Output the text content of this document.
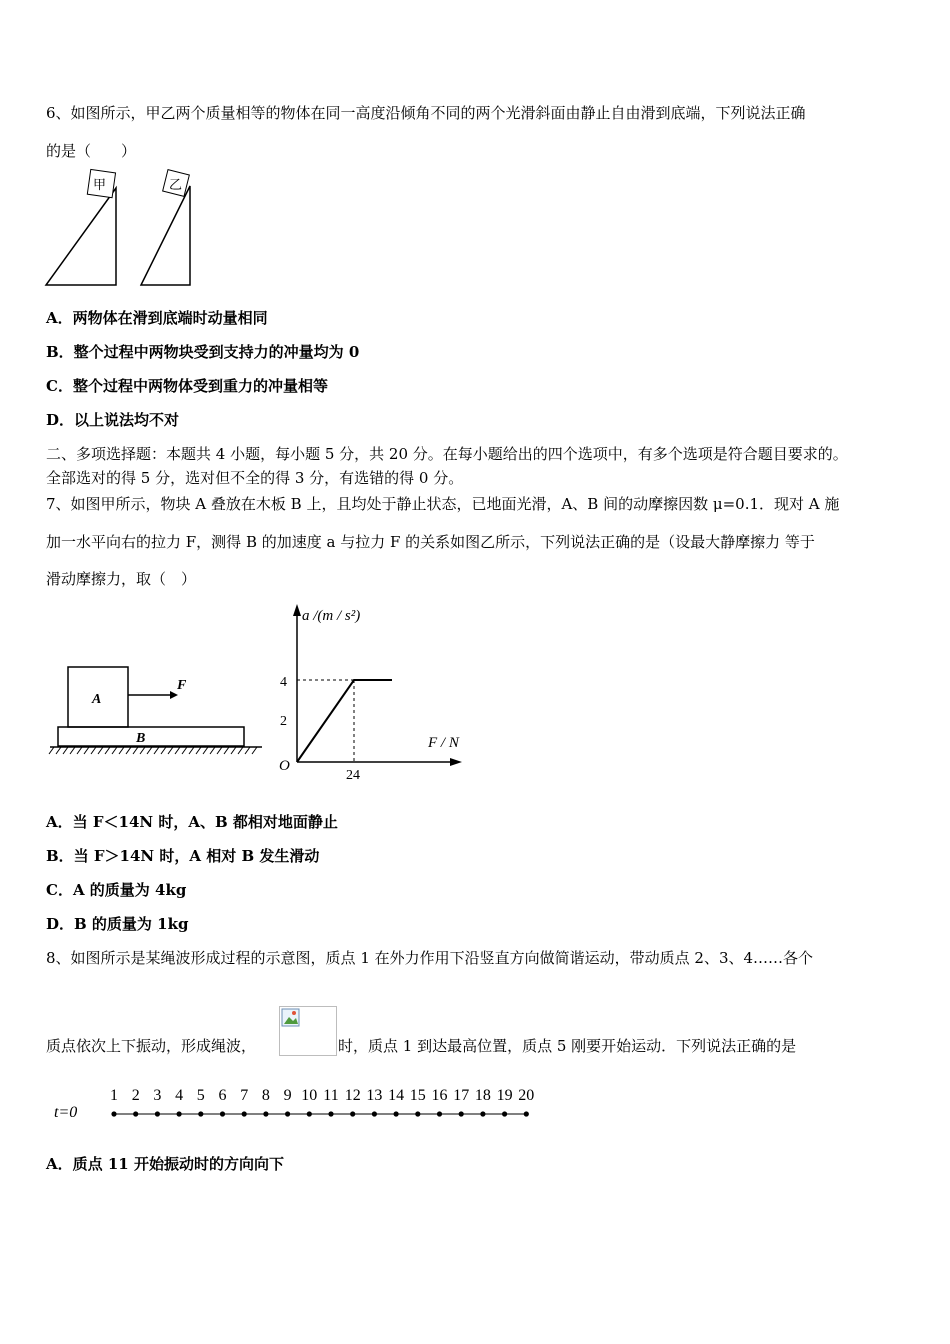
6、如图所示，甲乙两个质量相等的物体在同一高度沿倾角不同的两个光滑斜面由静止自由滑到底端，下列说法正确
的是（　　）
甲	乙
A．两物体在滑到底端时动量相同
B．整个过程中两物块受到支持力的冲量均为 0
C．整个过程中两物体受到重力的冲量相等
D．以上说法均不对
二、多项选择题：本题共 4 小题，每小题 5 分，共 20 分。在每小题给出的四个选项中，有多个选项是符合题目要求的。
全部选对的得 5 分，选对但不全的得 3 分，有选错的得 0 分。
7、如图甲所示，物块 A 叠放在木板 B 上，且均处于静止状态，已地面光滑，A、B 间的动摩擦因数 μ=0.1．现对 A 施
加一水平向右的拉力 F，测得 B 的加速度 a 与拉力 F 的关系如图乙所示，下列说法正确的是（设最大静摩擦力 等于
滑动摩擦力，取（　）
A
F
B
a /(m / s²)
F / N
O
4
2
24
A．当 F＜14N 时，A、B 都相对地面静止
B．当 F＞14N 时，A 相对 B 发生滑动
C．A 的质量为 4kg
D．B 的质量为 1kg
8、如图所示是某绳波形成过程的示意图，质点 1 在外力作用下沿竖直方向做简谐运动，带动质点 2、3、4……各个
质点依次上下振动，形成绳波，	时，质点 1 到达最高位置，质点 5 刚要开始运动．下列说法正确的是
t=0
1 2 3 4 5 6 7 8 9 10 11 12 13 14 15 16 17 18 19 20
A．质点 11 开始振动时的方向向下
